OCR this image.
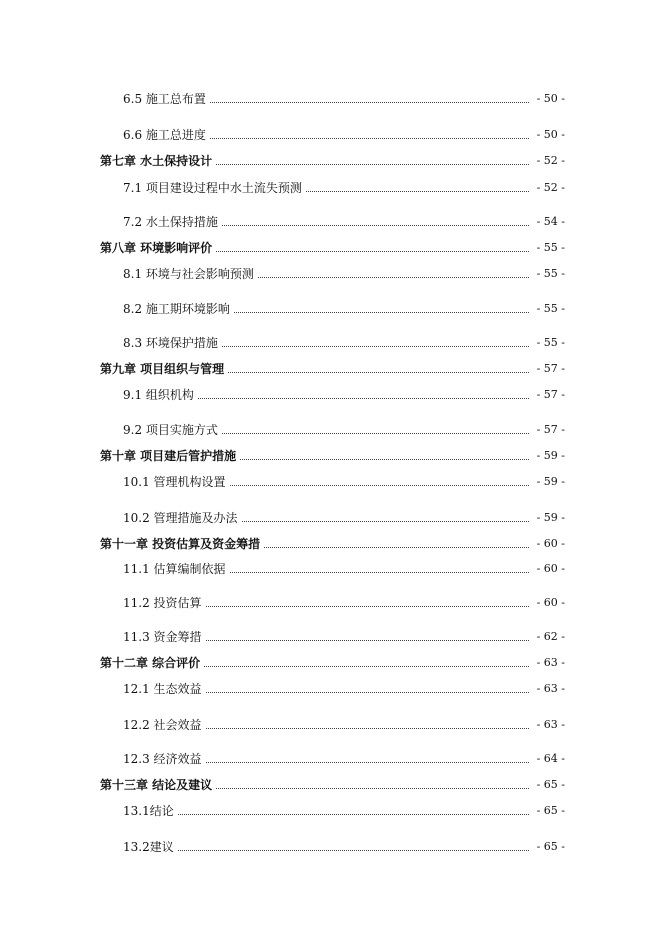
6.5 施工总布置	- 50 -
6.6 施工总进度	- 50 -
第七章 水土保持设计	- 52 -
7.1 项目建设过程中水土流失预测	- 52 -
7.2 水土保持措施	- 54 -
第八章 环境影响评价	- 55 -
8.1 环境与社会影响预测	- 55 -
8.2 施工期环境影响	- 55 -
8.3 环境保护措施	- 55 -
第九章 项目组织与管理	- 57 -
9.1 组织机构	- 57 -
9.2 项目实施方式	- 57 -
第十章 项目建后管护措施	- 59 -
10.1 管理机构设置	- 59 -
10.2 管理措施及办法	- 59 -
第十一章 投资估算及资金筹措	- 60 -
11.1 估算编制依据	- 60 -
11.2 投资估算	- 60 -
11.3 资金筹措	- 62 -
第十二章 综合评价	- 63 -
12.1 生态效益	- 63 -
12.2 社会效益	- 63 -
12.3 经济效益	- 64 -
第十三章 结论及建议	- 65 -
13.1结论	- 65 -
13.2建议	- 65 -
